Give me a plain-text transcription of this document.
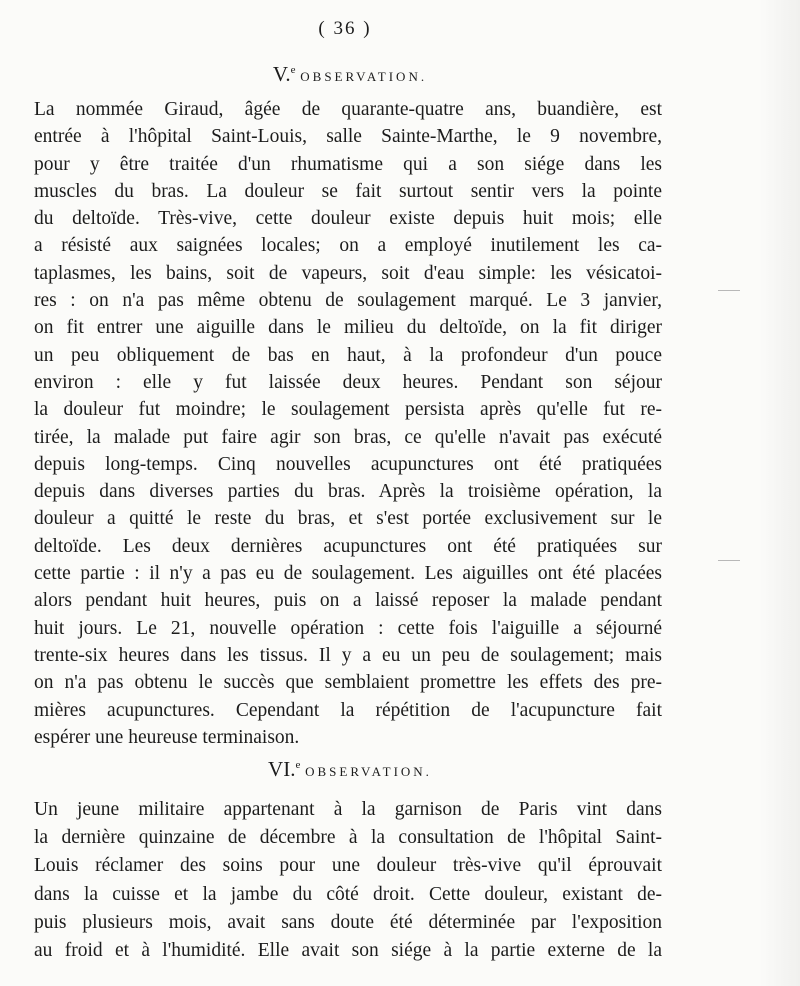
( 36 )
V.$^e$ OBSERVATION.
La nommée Giraud, âgée de quarante-quatre ans, buandière, est
entrée à l'hôpital Saint-Louis, salle Sainte-Marthe, le 9 novembre,
pour y être traitée d'un rhumatisme qui a son siége dans les
muscles du bras. La douleur se fait surtout sentir vers la pointe
du deltoïde. Très-vive, cette douleur existe depuis huit mois; elle
a résisté aux saignées locales; on a employé inutilement les ca-
taplasmes, les bains, soit de vapeurs, soit d'eau simple: les vésicatoi-
res : on n'a pas même obtenu de soulagement marqué. Le 3 janvier,
on fit entrer une aiguille dans le milieu du deltoïde, on la fit diriger
un peu obliquement de bas en haut, à la profondeur d'un pouce
environ : elle y fut laissée deux heures. Pendant son séjour
la douleur fut moindre; le soulagement persista après qu'elle fut re-
tirée, la malade put faire agir son bras, ce qu'elle n'avait pas exécuté
depuis long-temps. Cinq nouvelles acupunctures ont été pratiquées
depuis dans diverses parties du bras. Après la troisième opération, la
douleur a quitté le reste du bras, et s'est portée exclusivement sur le
deltoïde. Les deux dernières acupunctures ont été pratiquées sur
cette partie : il n'y a pas eu de soulagement. Les aiguilles ont été placées
alors pendant huit heures, puis on a laissé reposer la malade pendant
huit jours. Le 21, nouvelle opération : cette fois l'aiguille a séjourné
trente-six heures dans les tissus. Il y a eu un peu de soulagement; mais
on n'a pas obtenu le succès que semblaient promettre les effets des pre-
mières acupunctures. Cependant la répétition de l'acupuncture fait
espérer une heureuse terminaison.
VI.$^e$ OBSERVATION.
Un jeune militaire appartenant à la garnison de Paris vint dans
la dernière quinzaine de décembre à la consultation de l'hôpital Saint-
Louis réclamer des soins pour une douleur très-vive qu'il éprouvait
dans la cuisse et la jambe du côté droit. Cette douleur, existant de-
puis plusieurs mois, avait sans doute été déterminée par l'exposition
au froid et à l'humidité. Elle avait son siége à la partie externe de la
